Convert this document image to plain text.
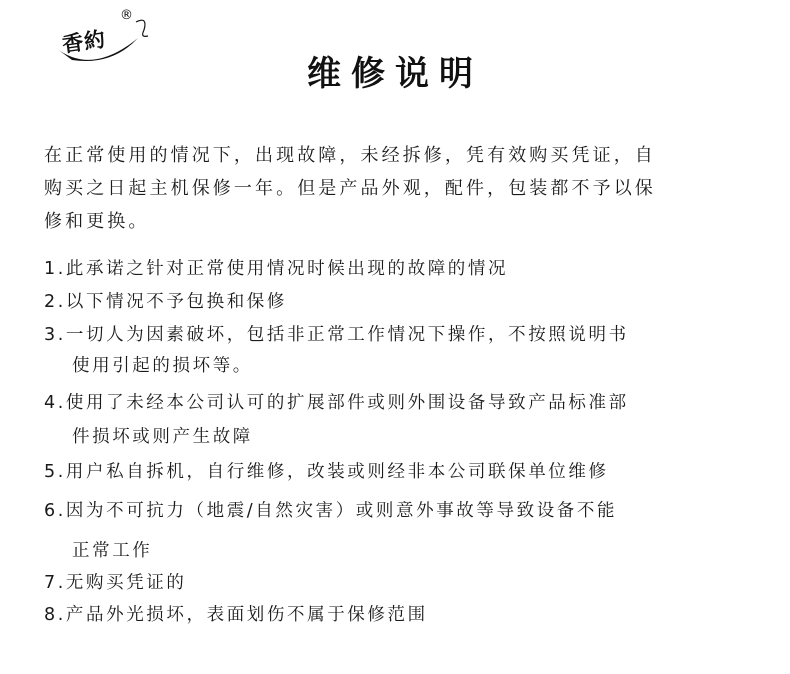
香約
®
维修说明
在正常使用的情况下，出现故障，未经拆修，凭有效购买凭证，自
购买之日起主机保修一年。但是产品外观，配件，包装都不予以保
修和更换。
1.此承诺之针对正常使用情况时候出现的故障的情况
2.以下情况不予包换和保修
3.一切人为因素破坏，包括非正常工作情况下操作，不按照说明书
使用引起的损坏等。
4.使用了未经本公司认可的扩展部件或则外围设备导致产品标准部
件损坏或则产生故障
5.用户私自拆机，自行维修，改装或则经非本公司联保单位维修
6.因为不可抗力（地震/自然灾害）或则意外事故等导致设备不能
正常工作
7.无购买凭证的
8.产品外光损坏，表面划伤不属于保修范围
